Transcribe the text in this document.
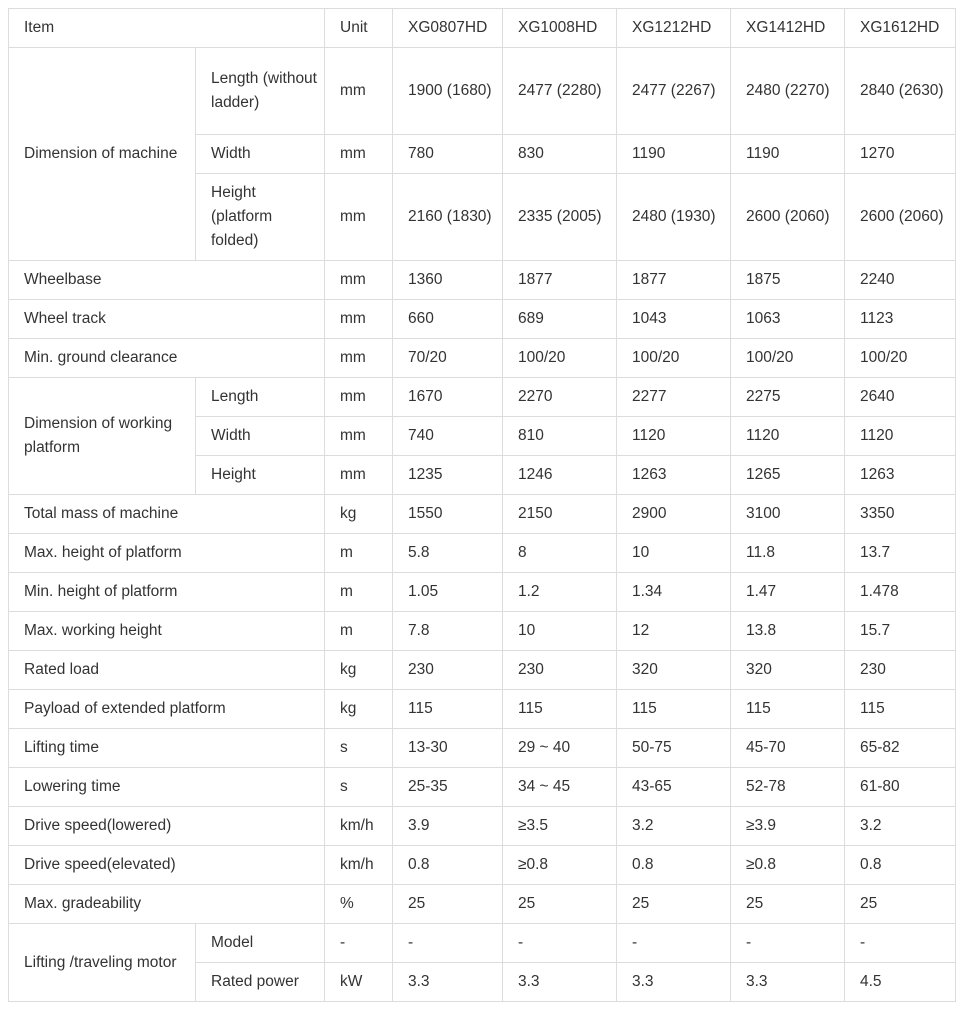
Item		Unit	XG0807HD	XG1008HD	XG1212HD	XG1412HD	XG1612HD
Dimension of machine	Length (without ladder)	mm	1900 (1680)	2477 (2280)	2477 (2267)	2480 (2270)	2840 (2630)
	Width	mm	780	830	1190	1190	1270
	Height (platform folded)	mm	2160 (1830)	2335 (2005)	2480 (1930)	2600 (2060)	2600 (2060)
Wheelbase		mm	1360	1877	1877	1875	2240
Wheel track		mm	660	689	1043	1063	1123
Min. ground clearance		mm	70/20	100/20	100/20	100/20	100/20
Dimension of working platform	Length	mm	1670	2270	2277	2275	2640
	Width	mm	740	810	1120	1120	1120
	Height	mm	1235	1246	1263	1265	1263
Total mass of machine		kg	1550	2150	2900	3100	3350
Max. height of platform		m	5.8	8	10	11.8	13.7
Min. height of platform		m	1.05	1.2	1.34	1.47	1.478
Max. working height		m	7.8	10	12	13.8	15.7
Rated load		kg	230	230	320	320	230
Payload of extended platform		kg	115	115	115	115	115
Lifting time		s	13-30	29 ~ 40	50-75	45-70	65-82
Lowering time		s	25-35	34 ~ 45	43-65	52-78	61-80
Drive speed(lowered)		km/h	3.9	≥3.5	3.2	≥3.9	3.2
Drive speed(elevated)		km/h	0.8	≥0.8	0.8	≥0.8	0.8
Max. gradeability		%	25	25	25	25	25
Lifting /traveling motor	Model	-	-	-	-	-	-
	Rated power	kW	3.3	3.3	3.3	3.3	4.5
